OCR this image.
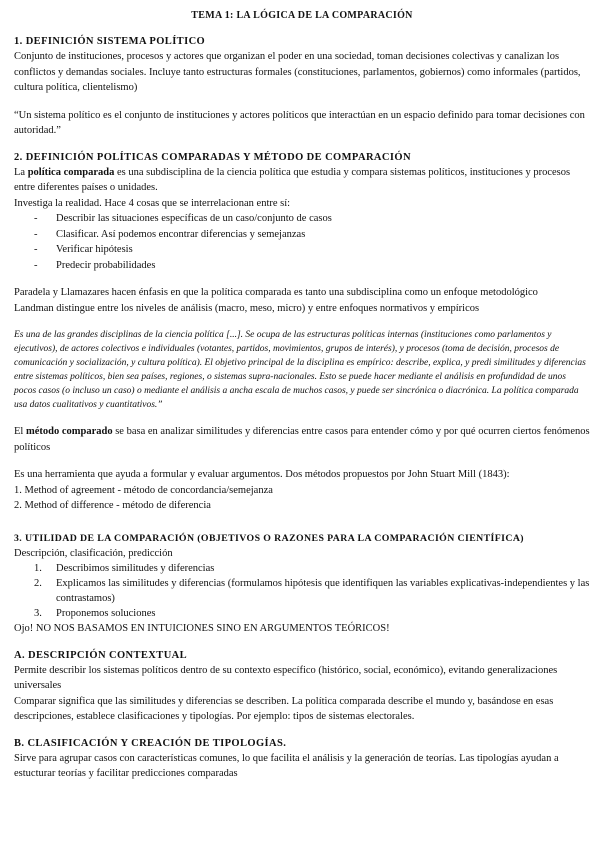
TEMA 1: LA LÓGICA DE LA COMPARACIÓN

1. DEFINICIÓN SISTEMA POLÍTICO

Conjunto de instituciones, procesos y actores que organizan el poder en una sociedad, toman decisiones colectivas y canalizan los conflictos y demandas sociales. Incluye tanto estructuras formales (constituciones, parlamentos, gobiernos) como informales (partidos, cultura política, clientelismo)

“Un sistema político es el conjunto de instituciones y actores políticos que interactúan en un espacio definido para tomar decisiones con autoridad.”

2. DEFINICIÓN POLÍTICAS COMPARADAS Y MÉTODO DE COMPARACIÓN

La política comparada es una subdisciplina de la ciencia política que estudia y compara sistemas políticos, instituciones y procesos entre diferentes países o unidades.

Investiga la realidad. Hace 4 cosas que se interrelacionan entre sí:

- Describir las situaciones específicas de un caso/conjunto de casos
- Clasificar. Así podemos encontrar diferencias y semejanzas
- Verificar hipótesis
- Predecir probabilidades

Paradela y Llamazares hacen énfasis en que la política comparada es tanto una subdisciplina como un enfoque metodológico

Landman distingue entre los niveles de análisis (macro, meso, micro) y entre enfoques normativos y empíricos

Es una de las grandes disciplinas de la ciencia política [...]. Se ocupa de las estructuras políticas internas (instituciones como parlamentos y ejecutivos), de actores colectivos e individuales (votantes, partidos, movimientos, grupos de interés), y procesos (toma de decisión, procesos de comunicación y socialización, y cultura política). El objetivo principal de la disciplina es empírico: describe, explica, y predi similitudes y diferencias entre sistemas políticos, bien sea países, regiones, o sistemas supra-nacionales. Esto se puede hacer mediante el análisis en profundidad de unos pocos casos (o incluso un caso) o mediante el análisis a ancha escala de muchos casos, y puede ser sincrónica o diacrónica. La política comparada usa datos cualitativos y cuantitativos.”

El método comparado se basa en analizar similitudes y diferencias entre casos para entender cómo y por qué ocurren ciertos fenómenos políticos

Es una herramienta que ayuda a formular y evaluar argumentos. Dos métodos propuestos por John Stuart Mill (1843):

1. Method of agreement - método de concordancia/semejanza

2. Method of difference - método de diferencia

3. UTILIDAD DE LA COMPARACIÓN (OBJETIVOS O RAZONES PARA LA COMPARACIÓN CIENTÍFICA)

Descripción, clasificación, predicción

1. Describimos similitudes y diferencias
2. Explicamos las similitudes y diferencias (formulamos hipótesis que identifiquen las variables explicativas-independientes y las contrastamos)
3. Proponemos soluciones

Ojo! NO NOS BASAMOS EN INTUICIONES SINO EN ARGUMENTOS TEÓRICOS!

A. DESCRIPCIÓN CONTEXTUAL

Permite describir los sistemas políticos dentro de su contexto específico (histórico, social, económico), evitando generalizaciones universales

Comparar significa que las similitudes y diferencias se describen. La política comparada describe el mundo y, basándose en esas descripciones, establece clasificaciones y tipologías. Por ejemplo: tipos de sistemas electorales.

B. CLASIFICACIÓN Y CREACIÓN DE TIPOLOGÍAS.

Sirve para agrupar casos con características comunes, lo que facilita el análisis y la generación de teorías. Las tipologías ayudan a estucturar teorías y facilitar predicciones comparadas
